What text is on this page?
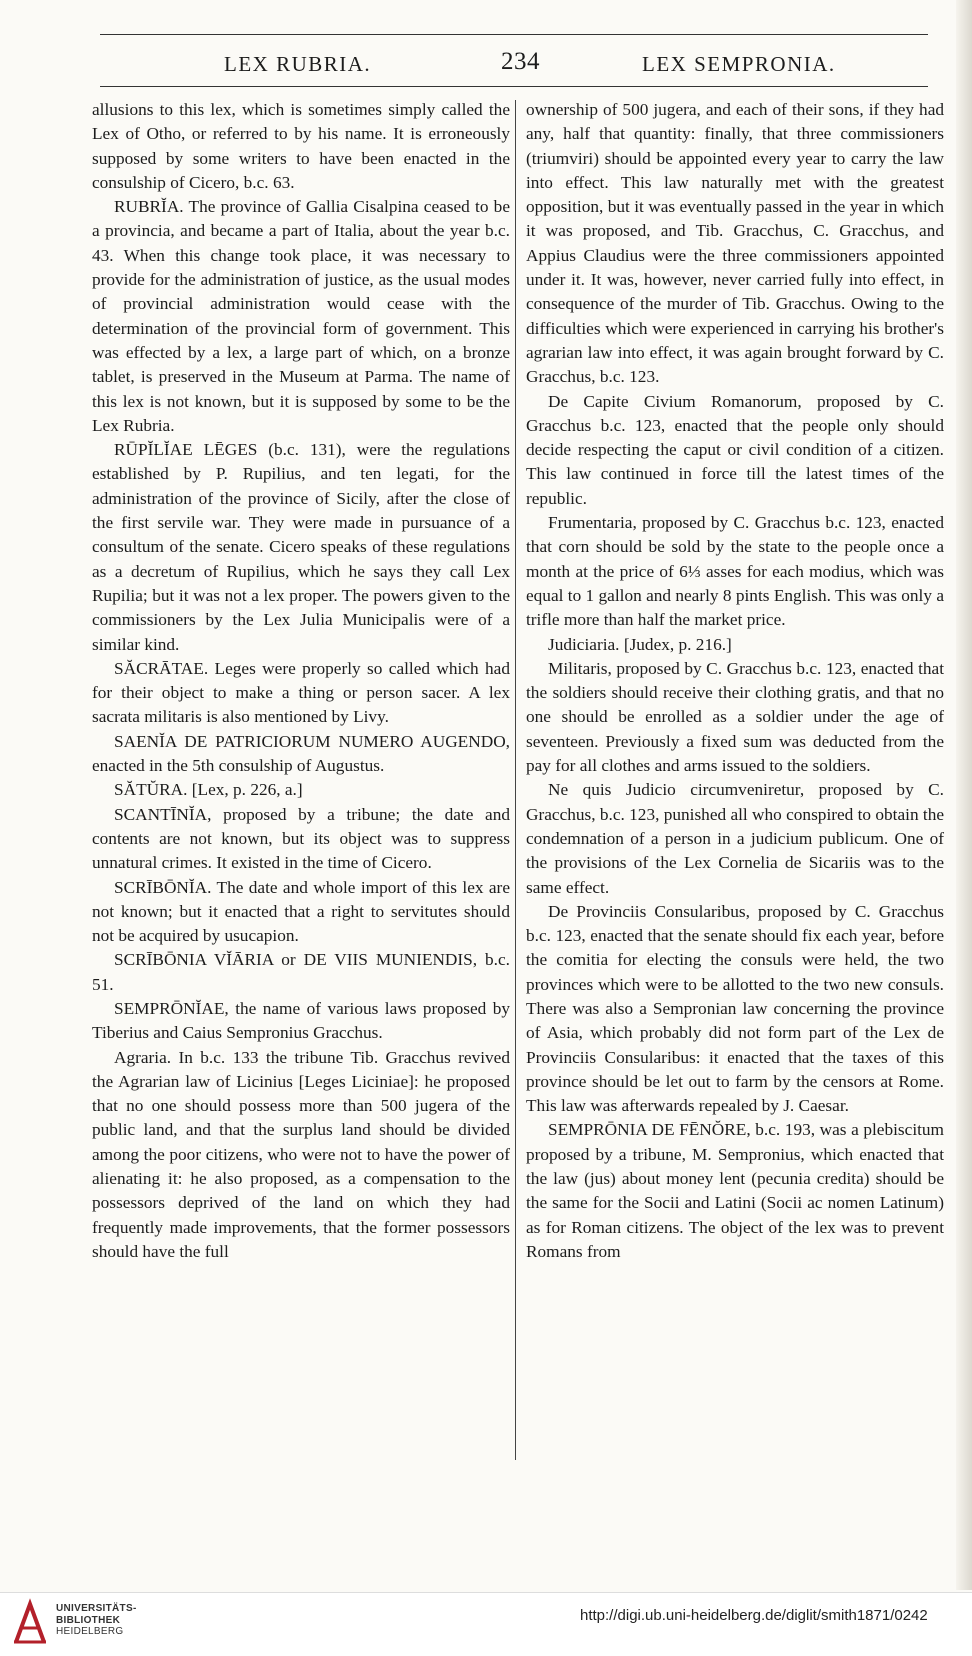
LEX RUBRIA.	234	LEX SEMPRONIA.

allusions to this lex, which is sometimes simply called the Lex of Otho, or referred to by his name. It is erroneously supposed by some writers to have been enacted in the consulship of Cicero, b.c. 63.

RUBRĬA. The province of Gallia Cisalpina ceased to be a provincia, and became a part of Italia, about the year b.c. 43. When this change took place, it was necessary to provide for the administration of justice, as the usual modes of provincial administration would cease with the determination of the provincial form of government. This was effected by a lex, a large part of which, on a bronze tablet, is preserved in the Museum at Parma. The name of this lex is not known, but it is supposed by some to be the Lex Rubria.

RŪPĬLĬAE LĒGES (b.c. 131), were the regulations established by P. Rupilius, and ten legati, for the administration of the province of Sicily, after the close of the first servile war. They were made in pursuance of a consultum of the senate. Cicero speaks of these regulations as a decretum of Rupilius, which he says they call Lex Rupilia; but it was not a lex proper. The powers given to the commissioners by the Lex Julia Municipalis were of a similar kind.

SĂCRĀTAE. Leges were properly so called which had for their object to make a thing or person sacer. A lex sacrata militaris is also mentioned by Livy.

SAENĬA DE PATRICIORUM NUMERO AUGENDO, enacted in the 5th consulship of Augustus.

SĂTŬRA. [Lex, p. 226, a.]

SCANTĪNĬA, proposed by a tribune; the date and contents are not known, but its object was to suppress unnatural crimes. It existed in the time of Cicero.

SCRĪBŌNĬA. The date and whole import of this lex are not known; but it enacted that a right to servitutes should not be acquired by usucapion.

SCRĪBŌNIA VĬĀRIA or DE VIIS MUNIENDIS, b.c. 51.

SEMPRŌNĬAE, the name of various laws proposed by Tiberius and Caius Sempronius Gracchus.

Agraria. In b.c. 133 the tribune Tib. Gracchus revived the Agrarian law of Licinius [Leges Liciniae]: he proposed that no one should possess more than 500 jugera of the public land, and that the surplus land should be divided among the poor citizens, who were not to have the power of alienating it: he also proposed, as a compensation to the possessors deprived of the land on which they had frequently made improvements, that the former possessors should have the full

ownership of 500 jugera, and each of their sons, if they had any, half that quantity: finally, that three commissioners (triumviri) should be appointed every year to carry the law into effect. This law naturally met with the greatest opposition, but it was eventually passed in the year in which it was proposed, and Tib. Gracchus, C. Gracchus, and Appius Claudius were the three commissioners appointed under it. It was, however, never carried fully into effect, in consequence of the murder of Tib. Gracchus. Owing to the difficulties which were experienced in carrying his brother's agrarian law into effect, it was again brought forward by C. Gracchus, b.c. 123.

De Capite Civium Romanorum, proposed by C. Gracchus b.c. 123, enacted that the people only should decide respecting the caput or civil condition of a citizen. This law continued in force till the latest times of the republic.

Frumentaria, proposed by C. Gracchus b.c. 123, enacted that corn should be sold by the state to the people once a month at the price of 6⅓ asses for each modius, which was equal to 1 gallon and nearly 8 pints English. This was only a trifle more than half the market price.

Judiciaria. [Judex, p. 216.]

Militaris, proposed by C. Gracchus b.c. 123, enacted that the soldiers should receive their clothing gratis, and that no one should be enrolled as a soldier under the age of seventeen. Previously a fixed sum was deducted from the pay for all clothes and arms issued to the soldiers.

Ne quis Judicio circumveniretur, proposed by C. Gracchus, b.c. 123, punished all who conspired to obtain the condemnation of a person in a judicium publicum. One of the provisions of the Lex Cornelia de Sicariis was to the same effect.

De Provinciis Consularibus, proposed by C. Gracchus b.c. 123, enacted that the senate should fix each year, before the comitia for electing the consuls were held, the two provinces which were to be allotted to the two new consuls. There was also a Sempronian law concerning the province of Asia, which probably did not form part of the Lex de Provinciis Consularibus: it enacted that the taxes of this province should be let out to farm by the censors at Rome. This law was afterwards repealed by J. Caesar.

SEMPRŌNIA DE FĒNŎRE, b.c. 193, was a plebiscitum proposed by a tribune, M. Sempronius, which enacted that the law (jus) about money lent (pecunia credita) should be the same for the Socii and Latini (Socii ac nomen Latinum) as for Roman citizens. The object of the lex was to prevent Romans from

UNIVERSITÄTS-
BIBLIOTHEK
HEIDELBERG
http://digi.ub.uni-heidelberg.de/diglit/smith1871/0242
